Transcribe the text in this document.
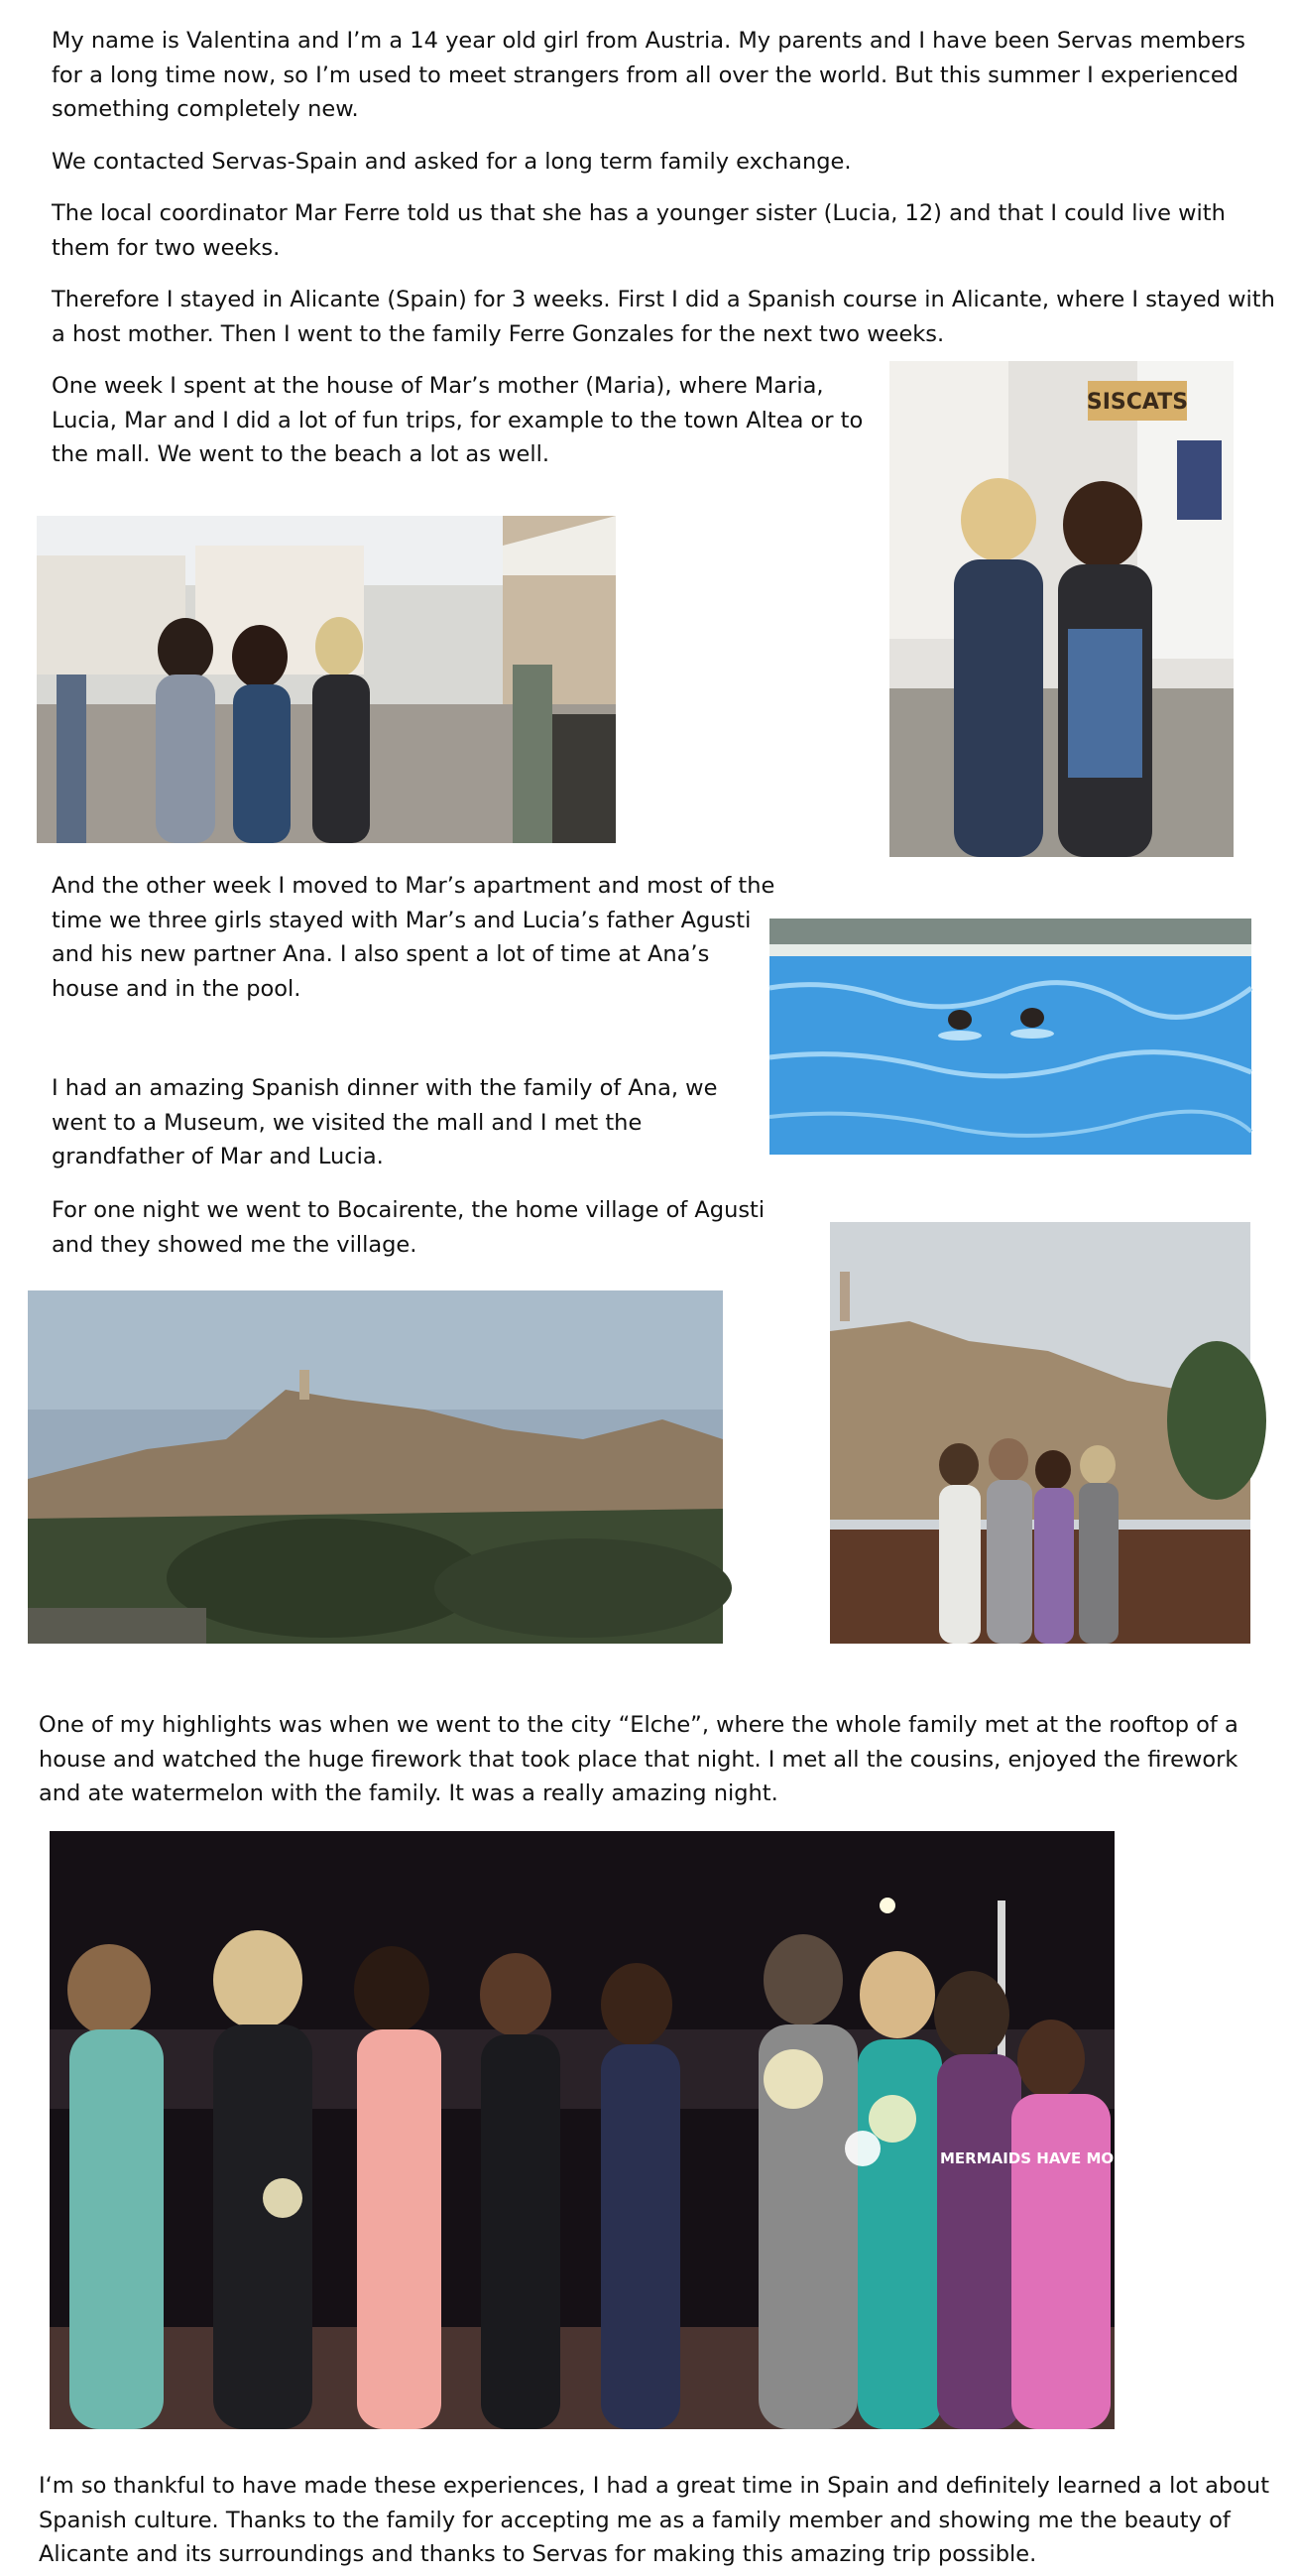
My name is Valentina and I’m a 14 year old girl from Austria. My parents and I have been Servas members for a long time now, so I’m used to meet strangers from all over the world. But this summer I experienced something completely new.

We contacted Servas-Spain and asked for a long term family exchange.

The local coordinator Mar Ferre told us that she has a younger sister (Lucia, 12) and that I could live with them for two weeks.

Therefore I stayed in Alicante (Spain) for 3 weeks. First I did a Spanish course in Alicante, where I stayed with a host mother. Then I went to the family Ferre Gonzales for the next two weeks.

One week I spent at the house of Mar’s mother (Maria), where Maria, Lucia, Mar and I did a lot of fun trips, for example to the town Altea or to the mall. We went to the beach a lot as well.

SISCATS

And the other week I moved to Mar’s apartment and most of the time we three girls stayed with Mar’s and Lucia’s father Agusti and his new partner Ana. I also spent a lot of time at Ana’s house and in the pool.

I had an amazing Spanish dinner with the family of Ana, we went to a Museum, we visited the mall and I met the grandfather of Mar and Lucia.

For one night we went to Bocairente, the home village of Agusti and they showed me the village.

One of my highlights was when we went to the city “Elche”, where the whole family met at the rooftop of a house and watched the huge firework that took place that night. I met all the cousins, enjoyed the firework and ate watermelon with the family. It was a really amazing night.

MERMAIDS HAVE MORE FUN!

I‘m so thankful to have made these experiences, I had a great time in Spain and definitely learned a lot about Spanish culture. Thanks to the family for accepting me as a family member and showing me the beauty of Alicante and its surroundings and thanks to Servas for making this amazing trip possible.
